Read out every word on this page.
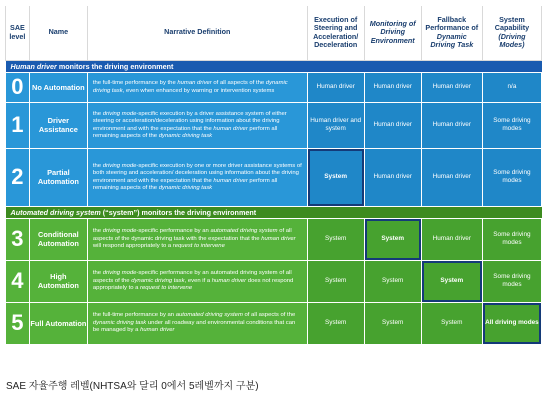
SAE level	Name	Narrative Definition	Execution of Steering and Acceleration/ Deceleration	Monitoring of Driving Environment	Fallback Performance of Dynamic Driving Task	System Capability (Driving Modes)
Human driver monitors the driving environment						
0	No Automation	the full-time performance by the human driver of all aspects of the dynamic driving task, even when enhanced by warning or intervention systems	Human driver	Human driver	Human driver	n/a
1	Driver Assistance	the driving mode-specific execution by a driver assistance system of either steering or acceleration/deceleration using information about the driving environment and with the expectation that the human driver perform all remaining aspects of the dynamic driving task	Human driver and system	Human driver	Human driver	Some driving modes
2	Partial Automation	the driving mode-specific execution by one or more driver assistance systems of both steering and acceleration/ deceleration using information about the driving environment and with the expectation that the human driver perform all remaining aspects of the dynamic driving task	System	Human driver	Human driver	Some driving modes
Automated driving system (“system”) monitors the driving environment						
3	Conditional Automation	the driving mode-specific performance by an automated driving system of all aspects of the dynamic driving task with the expectation that the human driver will respond appropriately to a request to intervene	System	System	Human driver	Some driving modes
4	High Automation	the driving mode-specific performance by an automated driving system of all aspects of the dynamic driving task, even if a human driver does not respond appropriately to a request to intervene	System	System	System	Some driving modes
5	Full Automation	the full-time performance by an automated driving system of all aspects of the dynamic driving task under all roadway and environmental conditions that can be managed by a human driver	System	System	System	All driving modes
SAE 자율주행 레벨(NHTSA와 달리 0에서 5레벨까지 구분)
